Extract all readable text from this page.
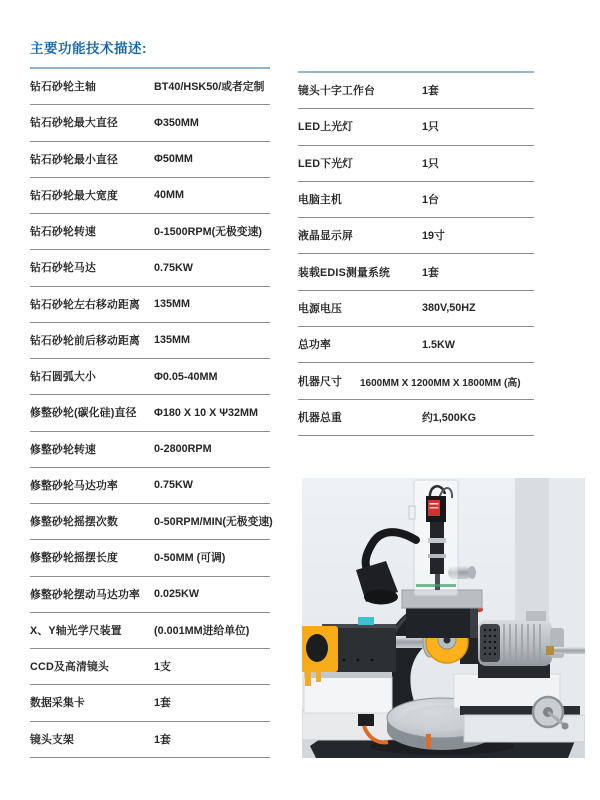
主要功能技术描述:
钻石砂轮主轴	BT40/HSK50/或者定制
钻石砂轮最大直径	Φ350MM
钻石砂轮最小直径	Φ50MM
钻石砂轮最大宽度	40MM
钻石砂轮转速	0-1500RPM(无极变速)
钻石砂轮马达	0.75KW
钻石砂轮左右移动距离	135MM
钻石砂轮前后移动距离	135MM
钻石圆弧大小	Φ0.05-40MM
修整砂轮(碳化硅)直径	Φ180 X 10 X Ψ32MM
修整砂轮转速	0-2800RPM
修整砂轮马达功率	0.75KW
修整砂轮摇摆次数	0-50RPM/MIN(无极变速)
修整砂轮摇摆长度	0-50MM (可调)
修整砂轮摆动马达功率	0.025KW
X、Y轴光学尺装置	(0.001MM进给单位)
CCD及高清镜头	1支
数据采集卡	1套
镜头支架	1套
镜头十字工作台	1套
LED上光灯	1只
LED下光灯	1只
电脑主机	1台
液晶显示屏	19寸
装载EDIS测量系统	1套
电源电压	380V,50HZ
总功率	1.5KW
机器尺寸	1600MM X 1200MM X 1800MM (高)
机器总重	约1,500KG
